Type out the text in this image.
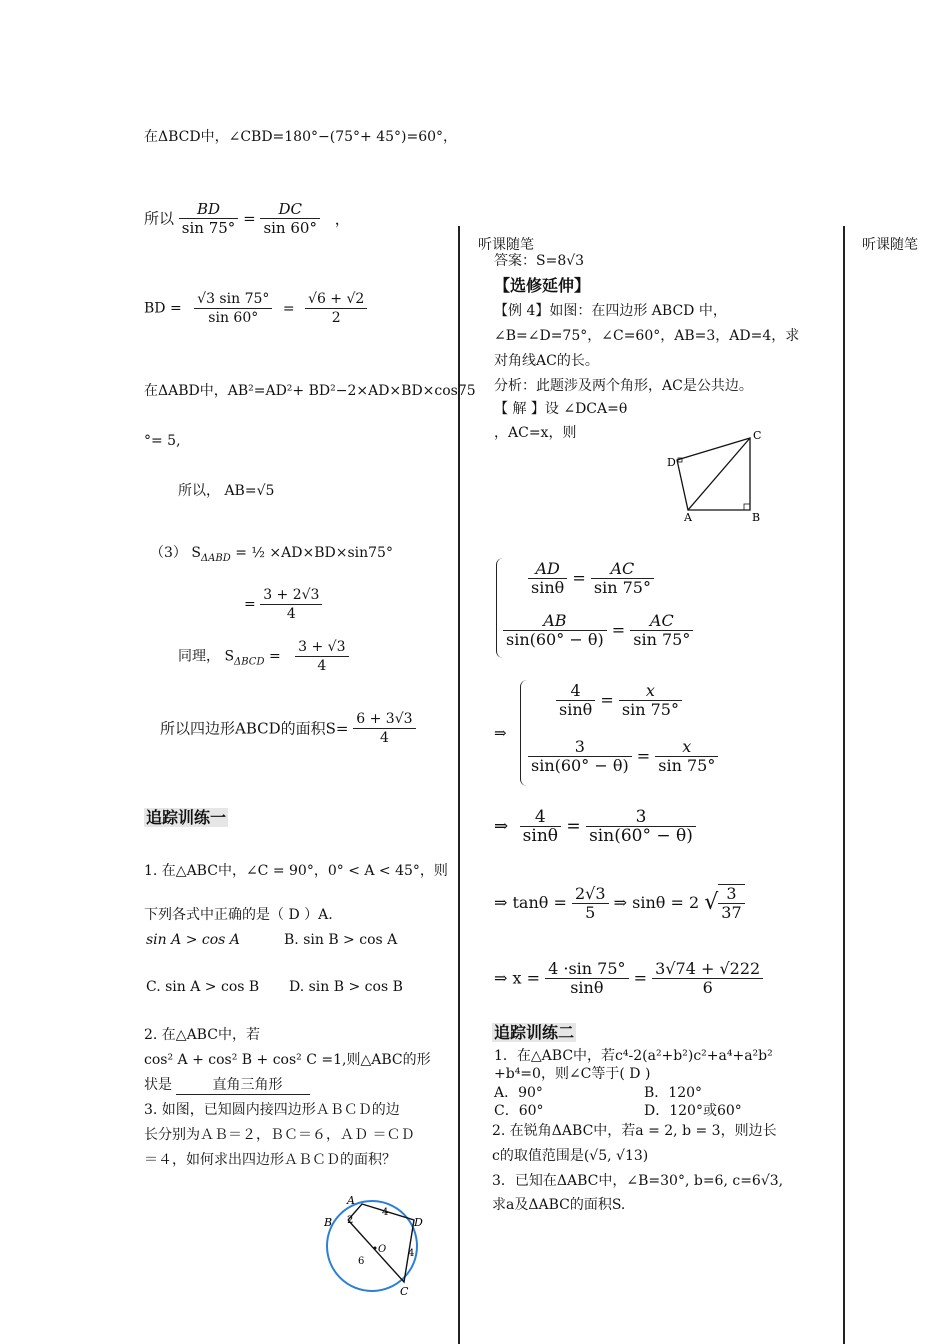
在ΔBCD中，∠CBD=180°−(75°+ 45°)=60°，
所以 $\frac{BD}{\sin 75^\circ} = \frac{DC}{\sin 60^\circ}$ ，
BD = $\frac{√3 \sin 75^\circ}{\sin 60^\circ} = \frac{√6 + √2}{2}$
在ΔABD中，AB²=AD²+ BD²−2×AD×BD×cos75
°= 5,
所以， AB=√5
（3） $S_{\Delta ABD}$ = ½ ×AD×BD×sin75°
= $\frac{3 + 2√3}{4}$
同理， $S_{\Delta BCD} = \frac{3 + √3}{4}$
所以四边形ABCD的面积$S= \frac{6 + 3√3}{4}$
追踪训练一
1. 在△ABC中，∠C = 90°，0° < A < 45°，则
下列各式中正确的是（ D ）A.
sin A > cos A	B. sin B > cos A
C. sin A > cos B D. sin B > cos B
2. 在△ABC中，若
cos² A + cos² B + cos² C =1,则△ABC的形
状是	直角三角形
3. 如图，已知圆内接四边形ＡＢＣＤ的边
长分别为ＡＢ＝２，ＢＣ＝６，ＡＤ ＝ＣＤ
＝４，如何求出四边形ＡＢＣＤ的面积？
A
B
C
D
O
2
4
4
6
听课随笔	听课随笔
答案：S=8√3
【选修延伸】
【例 4】如图：在四边形 ABCD 中，
∠B=∠D=75°，∠C=60°，AB=3，AD=4，求
对角线AC的长。
分析：此题涉及两个角形，AC是公共边。
【 解 】设 ∠DCA=θ
，AC=x，则
A	B
C
D
$\frac{AD}{\sin\theta} = \frac{AC}{\sin 75^\circ}$
$\frac{AB}{\sin(60^\circ - \theta)} = \frac{AC}{\sin 75^\circ}$
⇒
$\frac{4}{\sin\theta} = \frac{x}{\sin 75^\circ}$
$\frac{3}{\sin(60^\circ - \theta)} = \frac{x}{\sin 75^\circ}$
⇒ $\frac{4}{\sin\theta} = \frac{3}{\sin(60^\circ - \theta)}$
⇒ $\tan\theta = \frac{2√3}{5}$ ⇒ sinθ = 2 √ $\frac{3}{37}$
⇒ $x = \frac{4 \cdot\sin 75^\circ}{\sin\theta} = \frac{3√74 + √222}{6}$
追踪训练二
1．在△ABC中，若c⁴-2(a²+b²)c²+a⁴+a²b²
+b⁴=0，则∠C等于( D )
A．90°	B．120°
C．60°	D．120°或60°
2. 在锐角ΔABC中，若a = 2, b = 3，则边长
c的取值范围是(√5, √13)
3．已知在ΔABC中，∠B=30°, b=6, c=6√3,
求a及ΔABC的面积S.
